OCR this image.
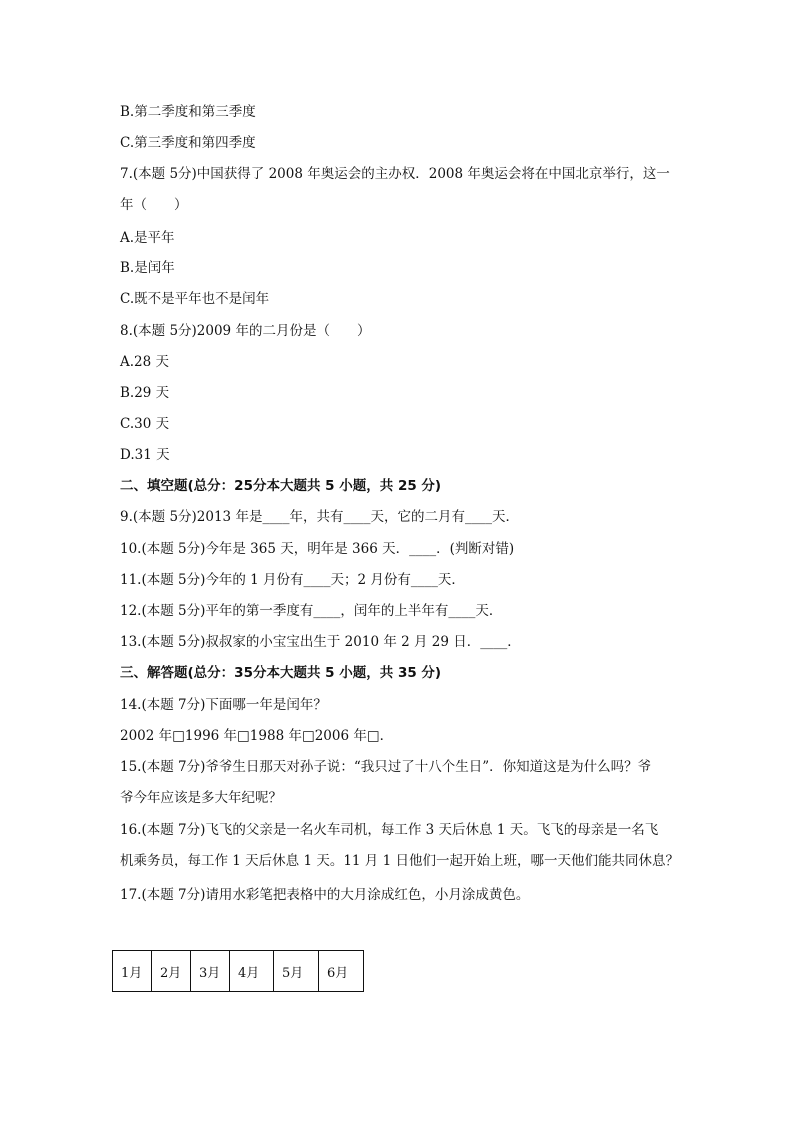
B.第二季度和第三季度
C.第三季度和第四季度
7.(本题 5分)中国获得了 2008 年奥运会的主办权．2008 年奥运会将在中国北京举行，这一
年（　　）
A.是平年
B.是闰年
C.既不是平年也不是闰年
8.(本题 5分)2009 年的二月份是（　　）
A.28 天
B.29 天
C.30 天
D.31 天
二、填空题(总分：25分本大题共 5 小题，共 25 分)
9.(本题 5分)2013 年是____年，共有____天，它的二月有____天．
10.(本题 5分)今年是 365 天，明年是 366 天．____．(判断对错)
11.(本题 5分)今年的 1 月份有____天；2 月份有____天．
12.(本题 5分)平年的第一季度有____，闰年的上半年有____天．
13.(本题 5分)叔叔家的小宝宝出生于 2010 年 2 月 29 日．____．
三、解答题(总分：35分本大题共 5 小题，共 35 分)
14.(本题 7分)下面哪一年是闰年？
2002 年□1996 年□1988 年□2006 年□．
15.(本题 7分)爷爷生日那天对孙子说：“我只过了十八个生日”．你知道这是为什么吗？爷
爷今年应该是多大年纪呢？
16.(本题 7分)飞飞的父亲是一名火车司机，每工作 3 天后休息 1 天。飞飞的母亲是一名飞
机乘务员，每工作 1 天后休息 1 天。11 月 1 日他们一起开始上班，哪一天他们能共同休息？
17.(本题 7分)请用水彩笔把表格中的大月涂成红色，小月涂成黄色。
1月	2月	3月	4月	5月	6月
